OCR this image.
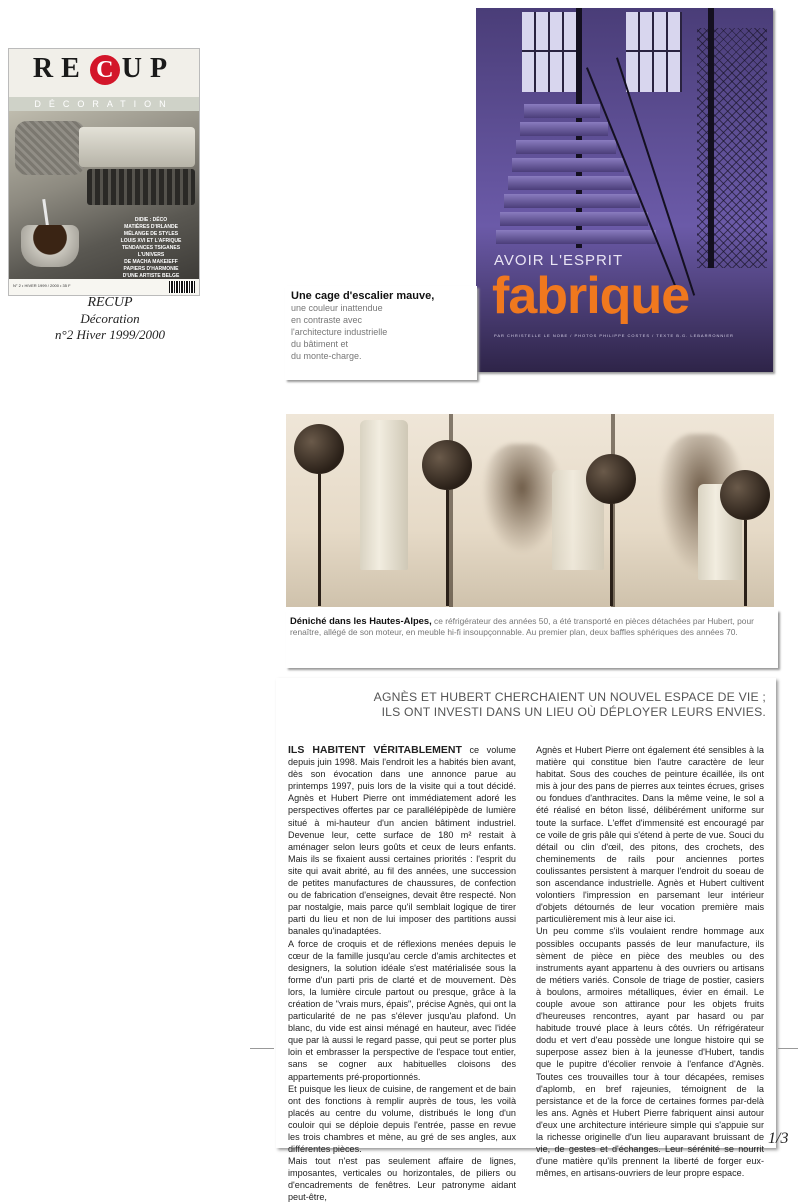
RE C UP
DÉCORATION
DIDIE : DÉCO
MATIÈRES D'IRLANDE
MÉLANGE DE STYLES
LOUIS XVI ET L'AFRIQUE
TENDANCES TSIGANES
L'UNIVERS
DE MACHA MAKEIEFF
PAPIERS D'HARMONIE
D'UNE ARTISTE BELGE
N° 2 • HIVER 1999 / 2000 • 35 F
RECUP
Décoration
n°2 Hiver 1999/2000
AVOIR L'ESPRIT
fabrique
PAR CHRISTELLE LE NOBE / PHOTOS PHILIPPE COSTES / TEXTE B.G. LEBARRONNIER
Une cage d'escalier mauve,
une couleur inattendue
en contraste avec
l'architecture industrielle
du bâtiment et
du monte-charge.

Déniché dans les Hautes-Alpes, ce réfrigérateur des années 50, a été transporté en pièces détachées par Hubert, pour renaître, allégé de son moteur, en meuble hi-fi insoupçonnable. Au premier plan, deux baffles sphériques des années 70.

AGNÈS ET HUBERT CHERCHAIENT UN NOUVEL ESPACE DE VIE ;
ILS ONT INVESTI DANS UN LIEU OÙ DÉPLOYER LEURS ENVIES.

ILS HABITENT VÉRITABLEMENT ce volume depuis juin 1998. Mais l'endroit les a habités bien avant, dès son évocation dans une annonce parue au printemps 1997, puis lors de la visite qui a tout décidé. Agnès et Hubert Pierre ont immédiatement adoré les perspectives offertes par ce parallélépipède de lumière situé à mi-hauteur d'un ancien bâtiment industriel. Devenue leur, cette surface de 180 m² restait à aménager selon leurs goûts et ceux de leurs enfants. Mais ils se fixaient aussi certaines priorités : l'esprit du site qui avait abrité, au fil des années, une succession de petites manufactures de chaussures, de confection ou de fabrication d'enseignes, devait être respecté. Non par nostalgie, mais parce qu'il semblait logique de tirer parti du lieu et non de lui imposer des partitions aussi banales qu'inadaptées.

A force de croquis et de réflexions menées depuis le cœur de la famille jusqu'au cercle d'amis architectes et designers, la solution idéale s'est matérialisée sous la forme d'un parti pris de clarté et de mouvement. Dès lors, la lumière circule partout ou presque, grâce à la création de "vrais murs, épais", précise Agnès, qui ont la particularité de ne pas s'élever jusqu'au plafond. Un blanc, du vide est ainsi ménagé en hauteur, avec l'idée que par là aussi le regard passe, qui peut se porter plus loin et embrasser la perspective de l'espace tout entier, sans se cogner aux habituelles cloisons des appartements pré-proportionnés.

Et puisque les lieux de cuisine, de rangement et de bain ont des fonctions à remplir auprès de tous, les voilà placés au centre du volume, distribués le long d'un couloir qui se déploie depuis l'entrée, passe en revue les trois chambres et mène, au gré de ses angles, aux différentes pièces.

Mais tout n'est pas seulement affaire de lignes, imposantes, verticales ou horizontales, de piliers ou d'encadrements de fenêtres. Leur patronyme aidant peut-être,

Agnès et Hubert Pierre ont également été sensibles à la matière qui constitue bien l'autre caractère de leur habitat. Sous des couches de peinture écaillée, ils ont mis à jour des pans de pierres aux teintes écrues, grises ou fondues d'anthracites. Dans la même veine, le sol a été réalisé en béton lissé, délibérément uniforme sur toute la surface. L'effet d'immensité est encouragé par ce voile de gris pâle qui s'étend à perte de vue. Souci du détail ou clin d'œil, des pitons, des crochets, des cheminements de rails pour anciennes portes coulissantes persistent à marquer l'endroit du soeau de son ascendance industrielle. Agnès et Hubert cultivent volontiers l'impression en parsemant leur intérieur d'objets détournés de leur vocation première mais particulièrement mis à leur aise ici.

Un peu comme s'ils voulaient rendre hommage aux possibles occupants passés de leur manufacture, ils sèment de pièce en pièce des meubles ou des instruments ayant appartenu à des ouvriers ou artisans de métiers variés. Console de triage de postier, casiers à boulons, armoires métalliques, évier en émail. Le couple avoue son attirance pour les objets fruits d'heureuses rencontres, ayant par hasard ou par habitude trouvé place à leurs côtés. Un réfrigérateur dodu et vert d'eau possède une longue histoire qui se superpose assez bien à la jeunesse d'Hubert, tandis que le pupitre d'écolier renvoie à l'enfance d'Agnès. Toutes ces trouvailles tour à tour décapées, remises d'aplomb, en bref rajeunies, témoignent de la persistance et de la force de certaines formes par-delà les ans. Agnès et Hubert Pierre fabriquent ainsi autour d'eux une architecture intérieure simple qui s'appuie sur la richesse originelle d'un lieu auparavant bruissant de vie, de gestes et d'échanges. Leur sérénité se nourrit d'une matière qu'ils prennent la liberté de forger eux-mêmes, en artisans-ouvriers de leur propre espace.

1/3
